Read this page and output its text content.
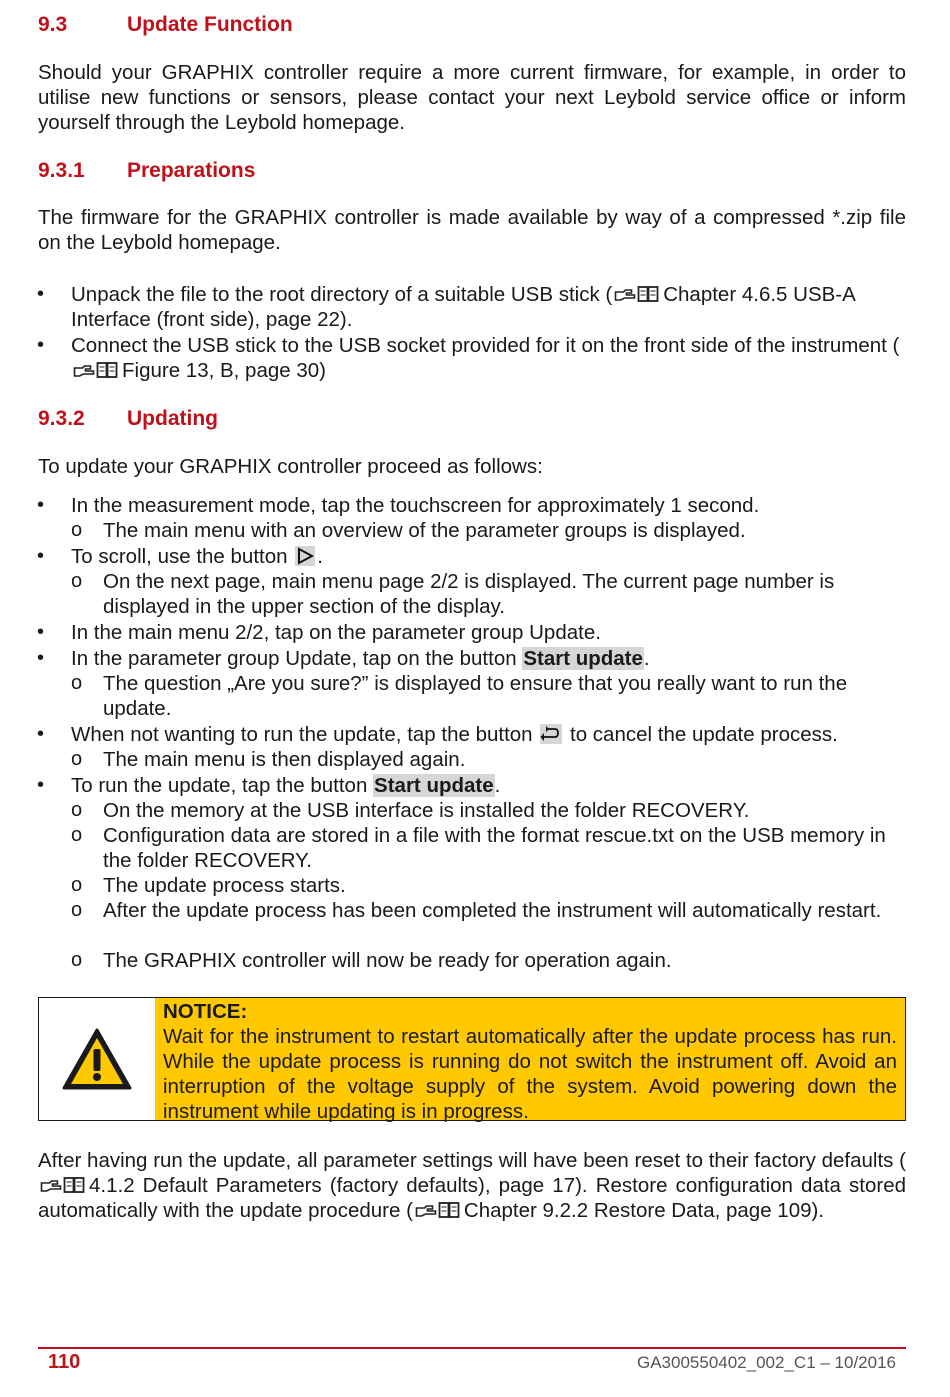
9.3	Update Function

Should your GRAPHIX controller require a more current firmware, for example, in order to utilise new functions or sensors, please contact your next Leybold service office or inform yourself through the Leybold homepage.

9.3.1 Preparations

The firmware for the GRAPHIX controller is made available by way of a compressed *.zip file on the Leybold homepage.

• Unpack the file to the root directory of a suitable USB stick ( Chapter 4.6.5 USB-A Interface (front side), page 22).

• Connect the USB stick to the USB socket provided for it on the front side of the instrument (Figure 13, B, page 30)

9.3.2 Updating

To update your GRAPHIX controller proceed as follows:

• In the measurement mode, tap the touchscreen for approximately 1 second.

o The main menu with an overview of the parameter groups is displayed.

• To scroll, use the button .

o On the next page, main menu page 2/2 is displayed. The current page number is displayed in the upper section of the display.

• In the main menu 2/2, tap on the parameter group Update.

• In the parameter group Update, tap on the button Start update.

o The question „Are you sure?” is displayed to ensure that you really want to run the update.

• When not wanting to run the update, tap the button to cancel the update process.

o The main menu is then displayed again.

• To run the update, tap the button Start update.

o On the memory at the USB interface is installed the folder RECOVERY.

o Configuration data are stored in a file with the format rescue.txt on the USB memory in the folder RECOVERY.

o The update process starts.

o After the update process has been completed the instrument will automatically restart.

o The GRAPHIX controller will now be ready for operation again.

NOTICE:

Wait for the instrument to restart automatically after the update process has run. While the update process is running do not switch the instrument off. Avoid an interruption of the voltage supply of the system. Avoid powering down the instrument while updating is in progress.

After having run the update, all parameter settings will have been reset to their factory defaults (4.1.2 Default Parameters (factory defaults), page 17). Restore configuration data stored automatically with the update procedure ( Chapter 9.2.2 Restore Data, page 109).

110	GA300550402_002_C1 – 10/2016
